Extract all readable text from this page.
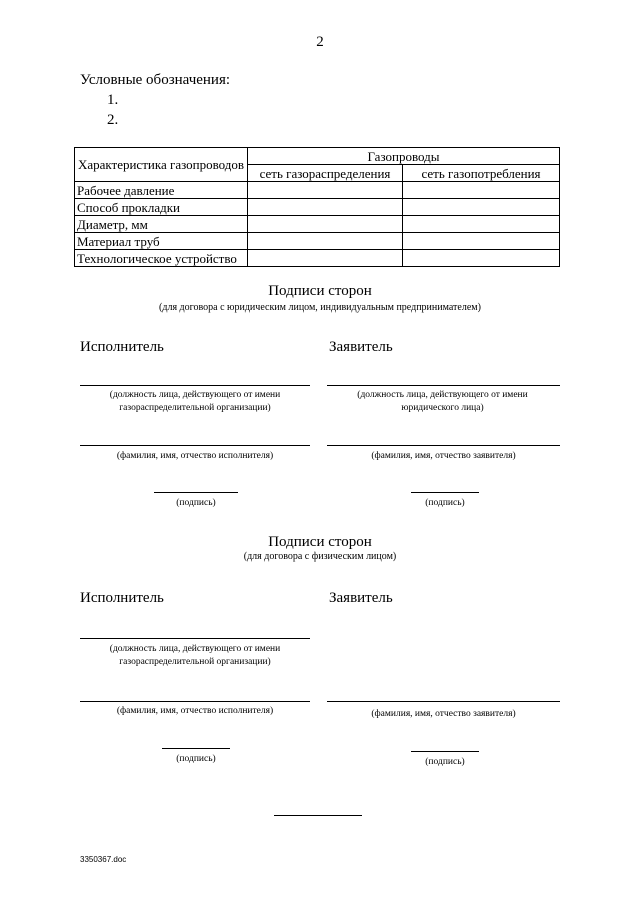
2
Условные обозначения:
1.
2.
Характеристика газопроводов	Газопроводы	
	сеть газораспределения	сеть газопотребления
Рабочее давление		
Способ прокладки		
Диаметр, мм		
Материал труб		
Технологическое устройство		
Подписи сторон
(для договора с юридическим лицом, индивидуальным предпринимателем)
Исполнитель	Заявитель
(должность лица, действующего от имени газораспределительной организации)
(должность лица, действующего от имени юридического лица)
(фамилия, имя, отчество исполнителя)	(фамилия, имя, отчество заявителя)
(подпись)	(подпись)
Подписи сторон
(для договора с физическим лицом)
Исполнитель	Заявитель
(должность лица, действующего от имени газораспределительной организации)
(фамилия, имя, отчество исполнителя)	(фамилия, имя, отчество заявителя)
(подпись)	(подпись)
3350367.doc
